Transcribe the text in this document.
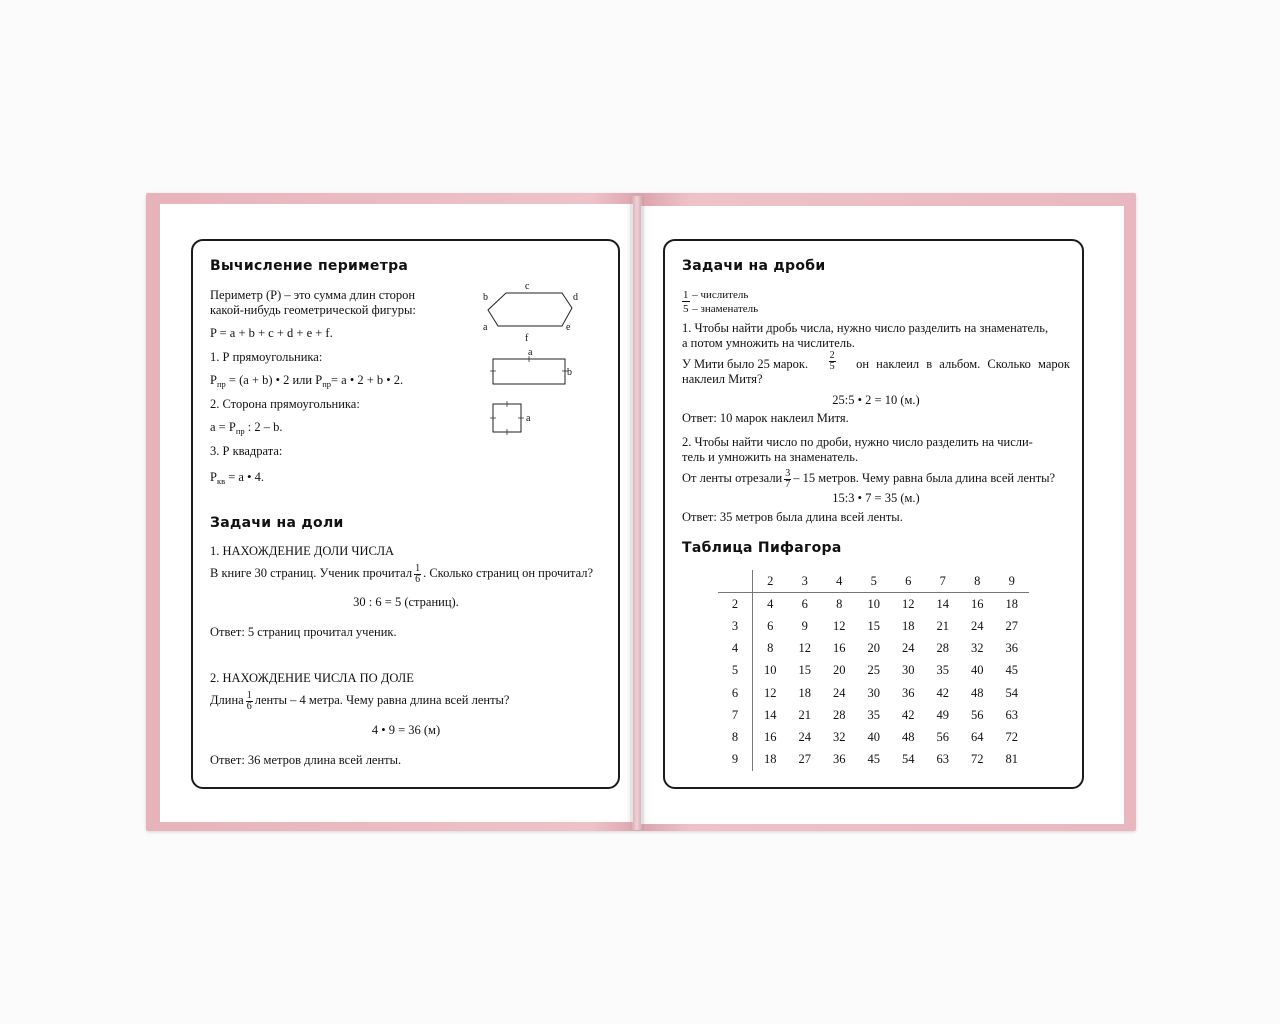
Вычисление периметра
Периметр (Р) – это сумма длин сторон
какой-нибудь геометрической фигуры:
P = a + b + c + d + e + f.
1. Р прямоугольника:
$P_{пр} = (a + b)$ • 2 или $P_{пр}= a$ • 2 + b • 2.
2. Сторона прямоугольника:
$a = P_{пр}$ : 2 – b.
3. Р квадрата:
$P_{кв} = a$ • 4.
c
b	d
a	e
f
a
b
a
Задачи на доли
1. НАХОЖДЕНИЕ ДОЛИ ЧИСЛА
В книге 30 страниц. Ученик прочитал $\frac{1}{6}$ . Сколько страниц он прочитал?
30 : 6 = 5 (страниц).
Ответ: 5 страниц прочитал ученик.
2. НАХОЖДЕНИЕ ЧИСЛА ПО ДОЛЕ
Длина $\frac{1}{6}$ ленты – 4 метра. Чему равна длина всей ленты?
4 • 9 = 36 (м)
Ответ: 36 метров длина всей ленты.
Задачи на дроби
1 – числитель
5 – знаменатель
1. Чтобы найти дробь числа, нужно число разделить на знаменатель,
а потом умножить на числитель.
У Мити было 25 марок. $\frac{2}{5}$ он наклеил в альбом. Сколько марок
наклеил Митя?
25:5 • 2 = 10 (м.)
Ответ: 10 марок наклеил Митя.
2. Чтобы найти число по дроби, нужно число разделить на числи-
тель и умножить на знаменатель.
От ленты отрезали $\frac{3}{7} - 15$ метров. Чему равна была длина всей ленты?
15:3 • 7 = 35 (м.)
Ответ: 35 метров была длина всей ленты.
Таблица Пифагора
	2	3	4	5	6	7	8	9
2	4	6	8	10	12	14	16	18
3	6	9	12	15	18	21	24	27
4	8	12	16	20	24	28	32	36
5	10	15	20	25	30	35	40	45
6	12	18	24	30	36	42	48	54
7	14	21	28	35	42	49	56	63
8	16	24	32	40	48	56	64	72
9	18	27	36	45	54	63	72	81
